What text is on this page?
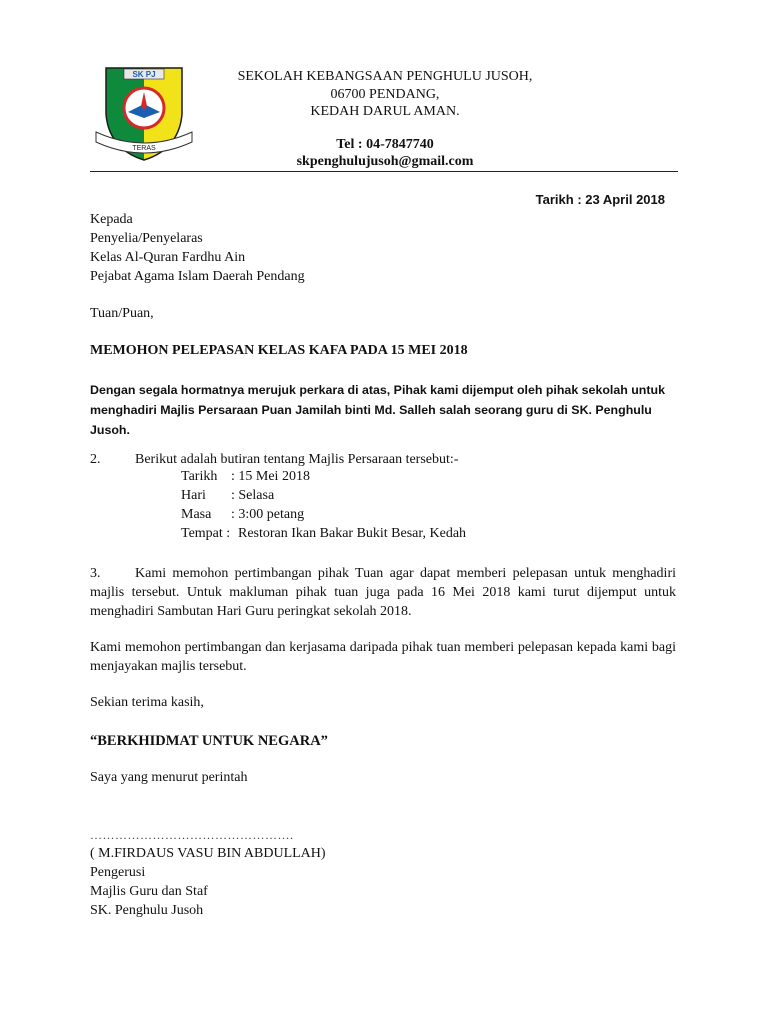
SK PJ
TERAS
SEKOLAH KEBANGSAAN PENGHULU JUSOH,
06700 PENDANG,
KEDAH DARUL AMAN.
Tel : 04-7847740
skpenghulujusoh@gmail.com
Tarikh : 23 April 2018
Kepada
Penyelia/Penyelaras
Kelas Al-Quran Fardhu Ain
Pejabat Agama Islam Daerah Pendang
Tuan/Puan,
MEMOHON PELEPASAN KELAS KAFA PADA 15 MEI 2018
Dengan segala hormatnya merujuk perkara di atas, Pihak kami dijemput oleh pihak sekolah untuk menghadiri Majlis Persaraan Puan Jamilah binti Md. Salleh salah seorang guru di SK. Penghulu Jusoh.
2. Berikut adalah butiran tentang Majlis Persaraan tersebut:-
Tarikh : 15 Mei 2018
Hari : Selasa
Masa : 3:00 petang
Tempat : Restoran Ikan Bakar Bukit Besar, Kedah
3. Kami memohon pertimbangan pihak Tuan agar dapat memberi pelepasan untuk menghadiri majlis tersebut. Untuk makluman pihak tuan juga pada 16 Mei 2018 kami turut dijemput untuk menghadiri Sambutan Hari Guru peringkat sekolah 2018.
Kami memohon pertimbangan dan kerjasama daripada pihak tuan memberi pelepasan kepada kami bagi menjayakan majlis tersebut.
Sekian terima kasih,
“BERKHIDMAT UNTUK NEGARA”
Saya yang menurut perintah
………………………………………….
( M.FIRDAUS VASU BIN ABDULLAH)
Pengerusi
Majlis Guru dan Staf
SK. Penghulu Jusoh
